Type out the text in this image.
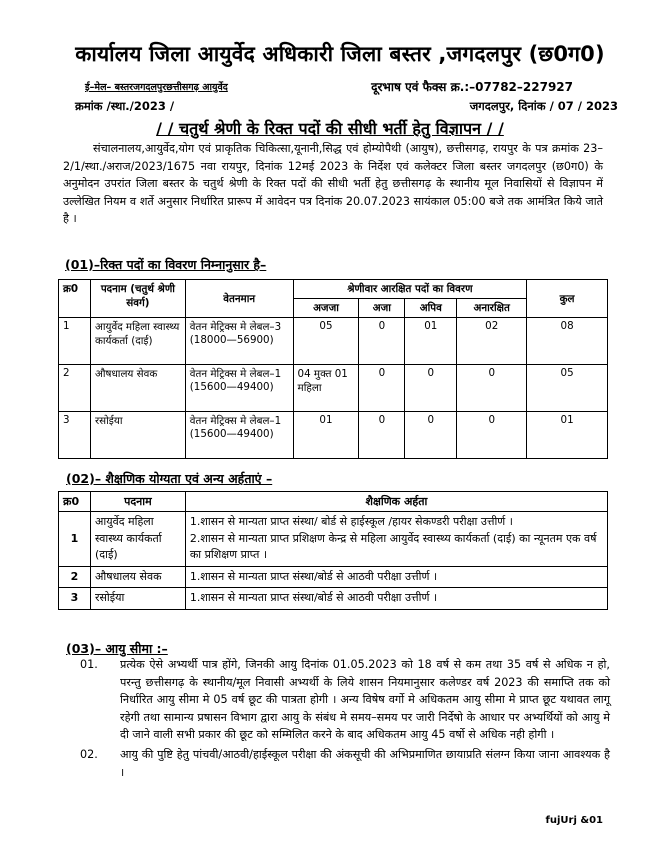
कार्यालय जिला आयुर्वेद अधिकारी जिला बस्तर ,जगदलपुर (छ0ग0)
ई–मेल– बस्तरजगदलपुरछत्तीसगढ़ आयुर्वेद	दूरभाष एवं फैक्स क्र.:–07782–227927
क्रमांक /स्था./2023 /	जगदलपुर, दिनांक / 07 / 2023
/ / चतुर्थ श्रेणी के रिक्त पदों की सीधी भर्ती हेतु विज्ञापन / /
संचालनालय,आयुर्वेद,योग एवं प्राकृतिक चिकित्सा,यूनानी,सिद्ध एवं होम्योपैथी (आयुष), छत्तीसगढ़, रायपुर के पत्र क्रमांक 23–2/1/स्था./अराज/2023/1675 नवा रायपुर, दिनांक 12मई 2023 के निर्देश एवं कलेक्टर जिला बस्तर जगदलपुर (छ0ग0) के अनुमोदन उपरांत जिला बस्तर के चतुर्थ श्रेणी के रिक्त पदों की सीधी भर्ती हेतु छत्तीसगढ़ के स्थानीय मूल निवासियों से विज्ञापन में उल्लेखित नियम व शर्ते अनुसार निर्धारित प्रारूप में आवेदन पत्र दिनांक 20.07.2023 सायंकाल 05:00 बजे तक आमंत्रित किये जाते है ।
(01)–रिक्त पदों का विवरण निम्नानुसार है–
क्र0	पदनाम (चतुर्थ श्रेणी संवर्ग)	वेतनमान	श्रेणीवार आरक्षित पदों का विवरण				कुल
			अजजा	अजा	अपिव	अनारक्षित	
1	आयुर्वेद महिला स्वास्थ्य कार्यकर्ता (दाई)	वेतन मेट्रिक्स मे लेबल–3
(18000—56900)	05	0	01	02	08
2	औषधालय सेवक	वेतन मेट्रिक्स मे लेबल–1
(15600—49400)	04 मुक्त 01 महिला	0	0	0	05
3	रसोईया	वेतन मेट्रिक्स मे लेबल–1
(15600—49400)	01	0	0	0	01
(02)– शैक्षणिक योग्यता एवं अन्य अर्हताएं –
क्र0	पदनाम	शैक्षणिक अर्हता
1	आयुर्वेद महिला स्वास्थ्य कार्यकर्ता (दाई)	1.शासन से मान्यता प्राप्त संस्था/ बोर्ड से हाईस्कूल /हायर सेकण्डरी परीक्षा उत्तीर्ण ।
2.शासन से मान्यता प्राप्त प्रशिक्षण केन्द्र से महिला आयुर्वेद स्वास्थ्य कार्यकर्ता (दाई) का न्यूनतम एक वर्ष का प्रशिक्षण प्राप्त ।

2	औषधालय सेवक	1.शासन से मान्यता प्राप्त संस्था/बोर्ड से आठवी परीक्षा उत्तीर्ण ।
3	रसोईया	1.शासन से मान्यता प्राप्त संस्था/बोर्ड से आठवी परीक्षा उत्तीर्ण ।
(03)– आयु सीमा :–
01.	प्रत्येक ऐसे अभ्यर्थी पात्र होंगे, जिनकी आयु दिनांक 01.05.2023 को 18 वर्ष से कम तथा 35 वर्ष से अधिक न हो, परन्तु छत्तीसगढ़ के स्थानीय/मूल निवासी अभ्यर्थी के लिये शासन नियमानुसार कलेण्डर वर्ष 2023 की समाप्ति तक को निर्धारित आयु सीमा मे 05 वर्ष छूट की पात्रता होगी । अन्य विषेष वर्गो मे अधिकतम आयु सीमा मे प्राप्त छूट यथावत लागू रहेगी तथा सामान्य प्रषासन विभाग द्वारा आयु के संबंध मे समय–समय पर जारी निर्देषो के आधार पर अभ्यर्थियों को आयु मे दी जाने वाली सभी प्रकार की छूट को सम्मिलित करने के बाद अधिकतम आयु 45 वर्षो से अधिक नही होगी ।
02.	आयु की पुष्टि हेतु पांचवी/आठवी/हाईस्कूल परीक्षा की अंकसूची की अभिप्रमाणित छायाप्रति संलग्न किया जाना आवश्यक है ।
fujUrj &01
